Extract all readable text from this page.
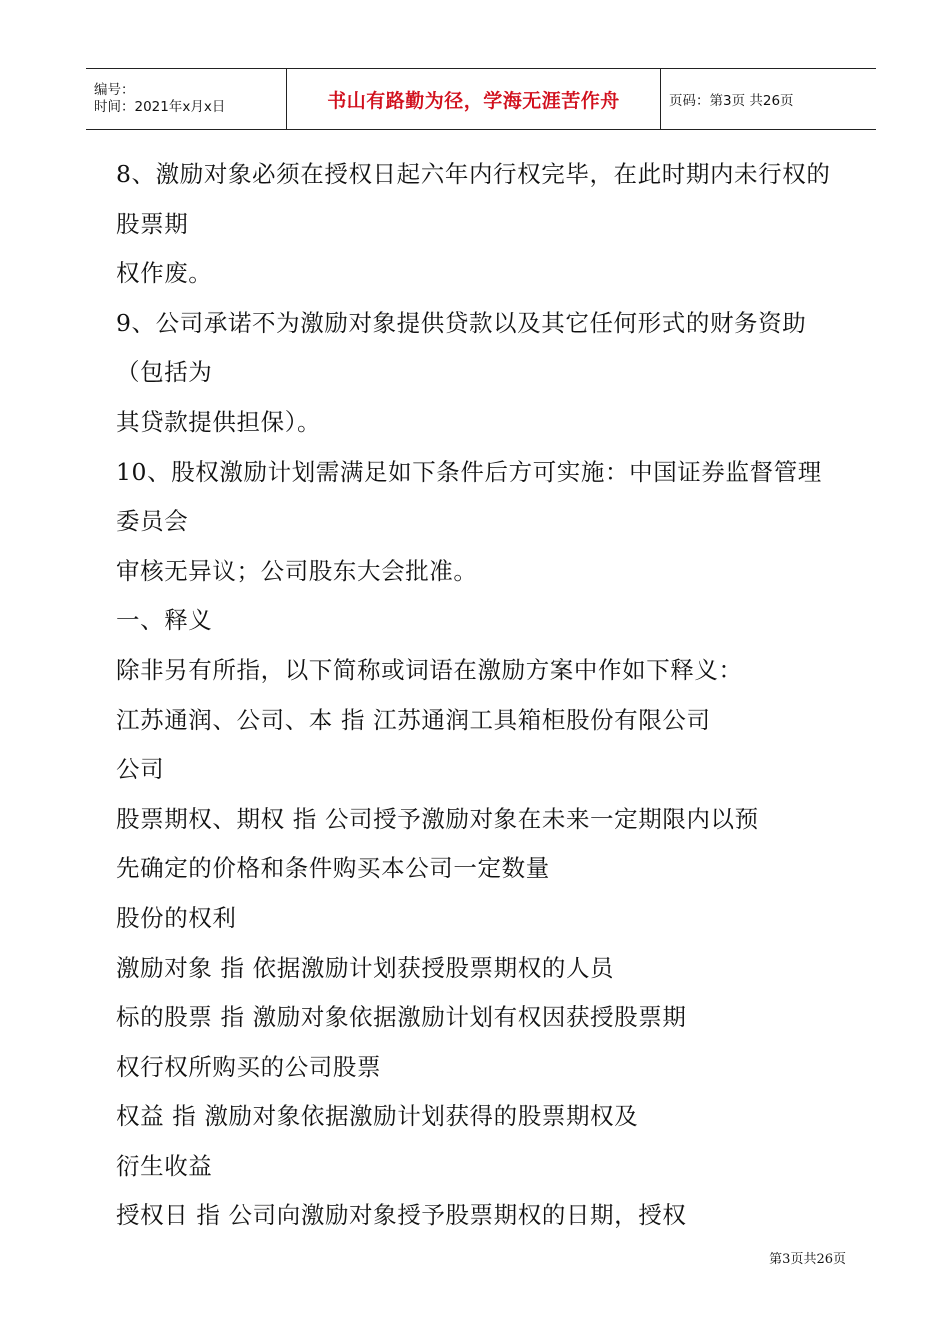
编号：
时间：2021年x月x日	书山有路勤为径，学海无涯苦作舟	页码：第3页 共26页
8、激励对象必须在授权日起六年内行权完毕，在此时期内未行权的
股票期
权作废。
9、公司承诺不为激励对象提供贷款以及其它任何形式的财务资助
（包括为
其贷款提供担保）。
10、股权激励计划需满足如下条件后方可实施：中国证券监督管理
委员会
审核无异议；公司股东大会批准。
一、释义
除非另有所指，以下简称或词语在激励方案中作如下释义：
江苏通润、公司、本 指 江苏通润工具箱柜股份有限公司
公司
股票期权、期权 指 公司授予激励对象在未来一定期限内以预
先确定的价格和条件购买本公司一定数量
股份的权利
激励对象 指 依据激励计划获授股票期权的人员
标的股票 指 激励对象依据激励计划有权因获授股票期
权行权所购买的公司股票
权益 指 激励对象依据激励计划获得的股票期权及
衍生收益
授权日 指 公司向激励对象授予股票期权的日期，授权
第3页共26页
